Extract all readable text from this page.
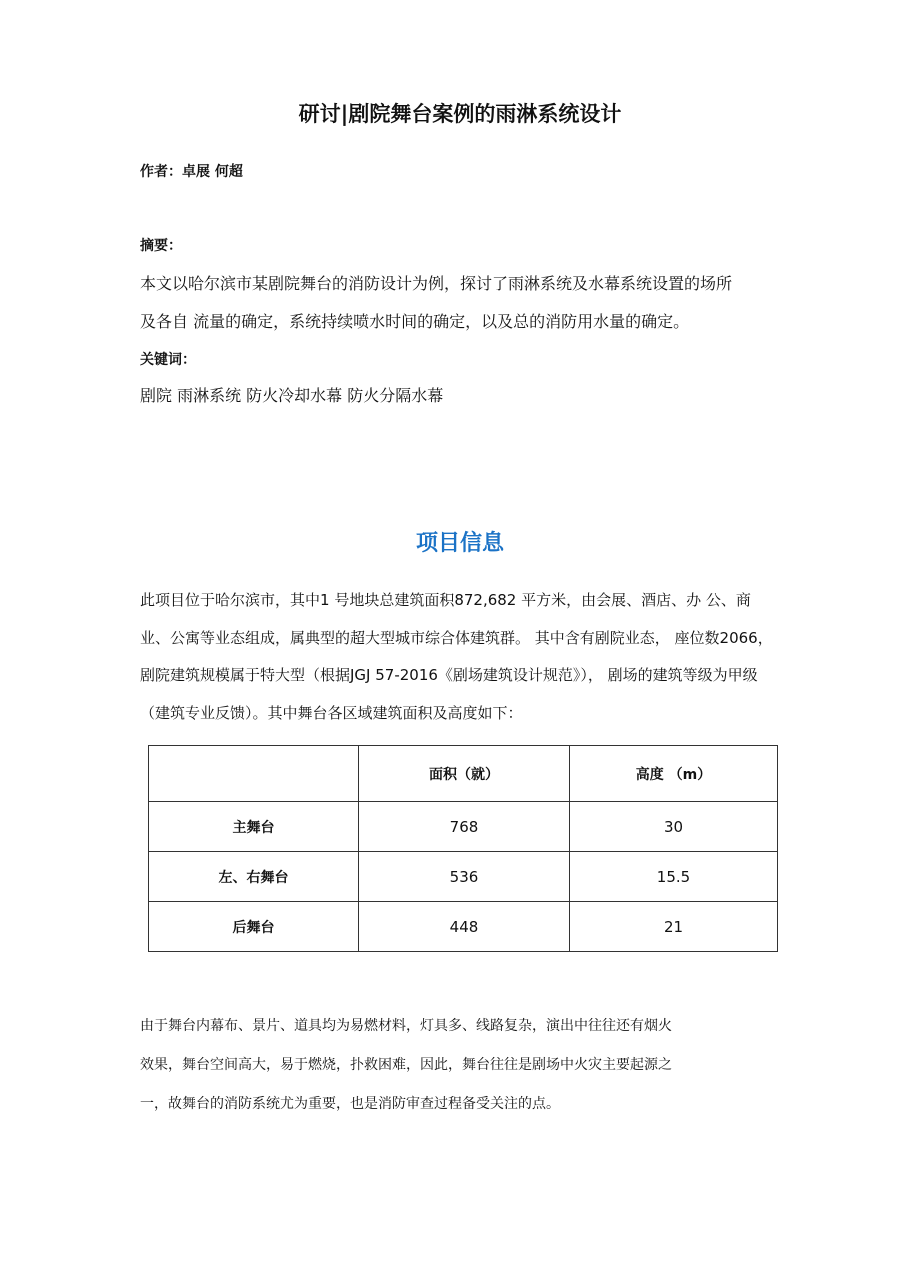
研讨|剧院舞台案例的雨淋系统设计
作者：卓展 何超
摘要：
本文以哈尔滨市某剧院舞台的消防设计为例，探讨了雨淋系统及水幕系统设置的场所
及各自 流量的确定，系统持续喷水时间的确定，以及总的消防用水量的确定。
关键词：
剧院 雨淋系统 防火冷却水幕 防火分隔水幕
项目信息
此项目位于哈尔滨市，其中1 号地块总建筑面积872,682 平方米，由会展、酒店、办 公、商
业、公寓等业态组成，属典型的超大型城市综合体建筑群。 其中含有剧院业态， 座位数2066，
剧院建筑规模属于特大型（根据JGJ 57-2016《剧场建筑设计规范》）， 剧场的建筑等级为甲级
（建筑专业反馈）。其中舞台各区域建筑面积及高度如下：
	面积（就）	高度 （m）
主舞台	768	30
左、右舞台	536	15.5
后舞台	448	21
由于舞台内幕布、景片、道具均为易燃材料，灯具多、线路复杂，演出中往往还有烟火
效果，舞台空间高大，易于燃烧，扑救困难，因此，舞台往往是剧场中火灾主要起源之
一，故舞台的消防系统尤为重要，也是消防审查过程备受关注的点。
